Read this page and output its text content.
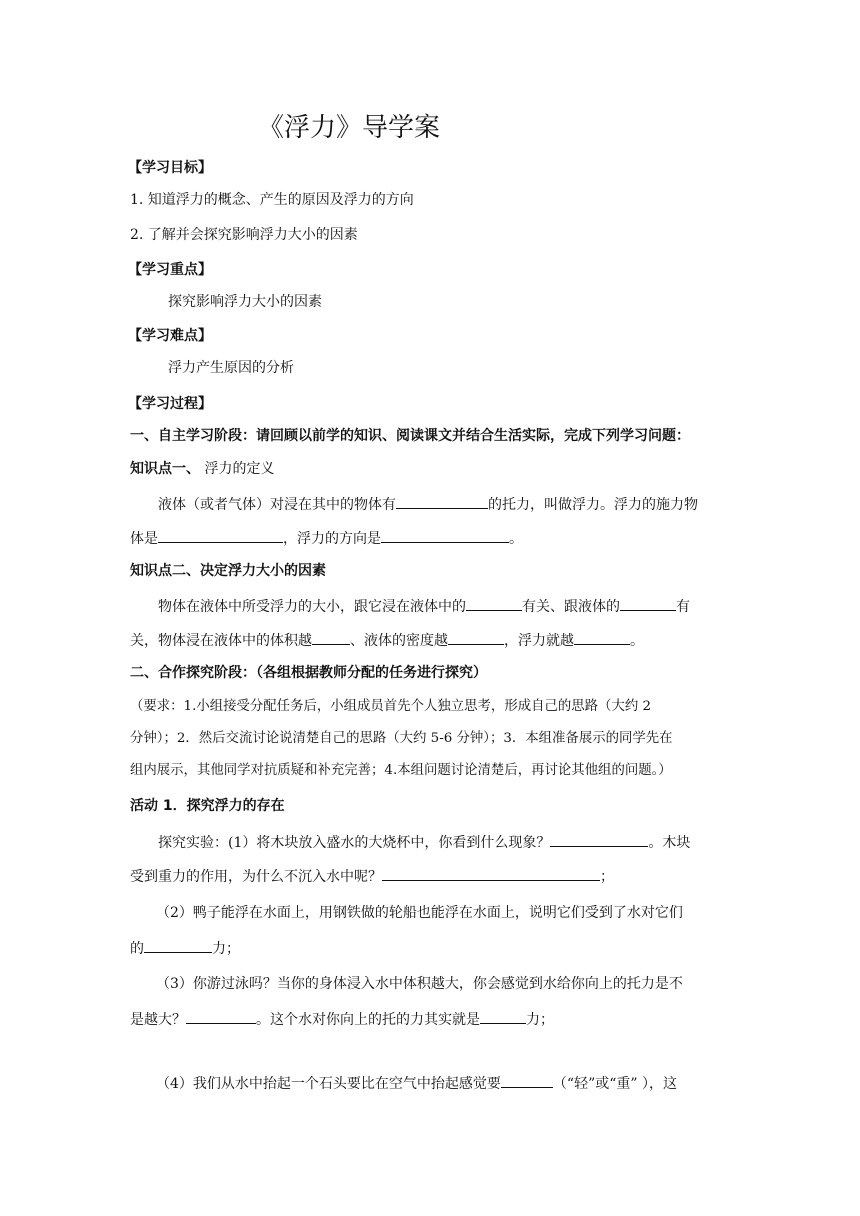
《浮力》导学案
【学习目标】
1. 知道浮力的概念、产生的原因及浮力的方向
2. 了解并会探究影响浮力大小的因素
【学习重点】
探究影响浮力大小的因素
【学习难点】
浮力产生原因的分析
【学习过程】
一、自主学习阶段：请回顾以前学的知识、阅读课文并结合生活实际，完成下列学习问题：
知识点一、 浮力的定义
液体（或者气体）对浸在其中的物体有	的托力，叫做浮力。浮力的施力物
体是	，浮力的方向是	。
知识点二、决定浮力大小的因素
物体在液体中所受浮力的大小，跟它浸在液体中的	有关、跟液体的	有
关，物体浸在液体中的体积越	、液体的密度越	，浮力就越	。
二、合作探究阶段：（各组根据教师分配的任务进行探究）
（要求：1.小组接受分配任务后，小组成员首先个人独立思考，形成自己的思路（大约 2
分钟）；2．然后交流讨论说清楚自己的思路（大约 5-6 分钟）；3．本组准备展示的同学先在
组内展示，其他同学对抗质疑和补充完善；4.本组问题讨论清楚后，再讨论其他组的问题。）
活动 1．探究浮力的存在
探究实验：(1）将木块放入盛水的大烧杯中，你看到什么现象？	。木块
受到重力的作用，为什么不沉入水中呢？	；
（2）鸭子能浮在水面上，用钢铁做的轮船也能浮在水面上，说明它们受到了水对它们
的	力；
（3）你游过泳吗？当你的身体浸入水中体积越大，你会感觉到水给你向上的托力是不
是越大？	。这个水对你向上的托的力其实就是	力；
（4）我们从水中抬起一个石头要比在空气中抬起感觉要	（“轻”或“重” ），这
